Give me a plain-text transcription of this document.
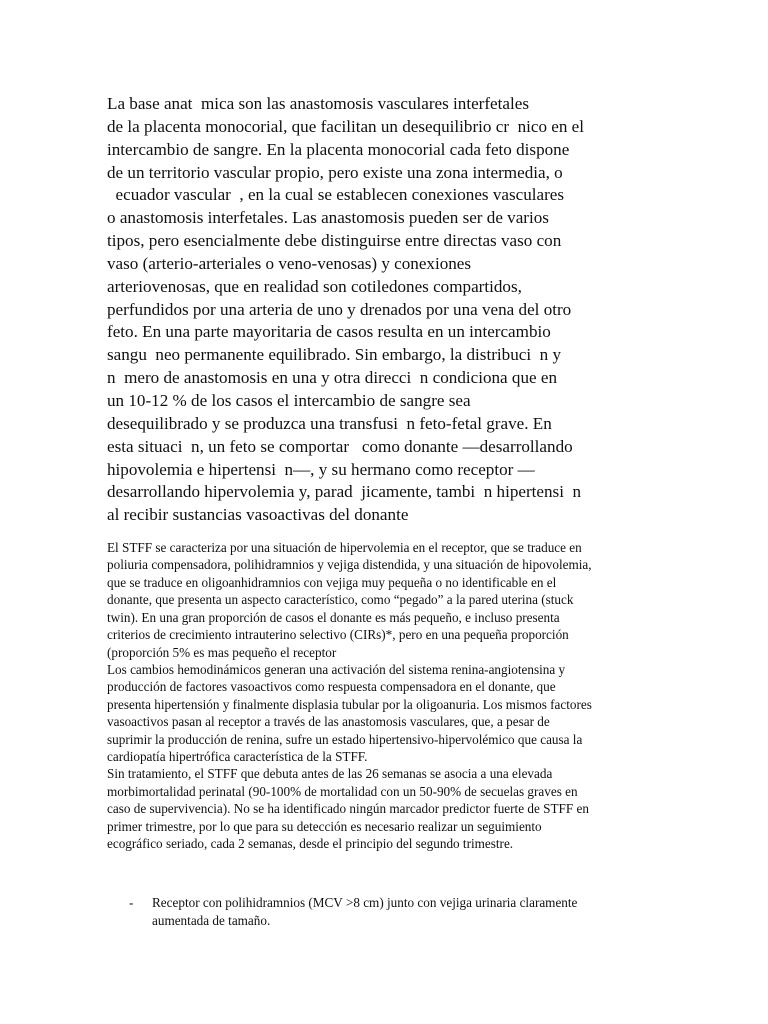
La base anat  mica son las anastomosis vasculares interfetales
de la placenta monocorial, que facilitan un desequilibrio cr  nico en el
intercambio de sangre. En la placenta monocorial cada feto dispone
de un territorio vascular propio, pero existe una zona intermedia, o
ecuador vascular  , en la cual se establecen conexiones vasculares
o anastomosis interfetales. Las anastomosis pueden ser de varios
tipos, pero esencialmente debe distinguirse entre directas vaso con
vaso (arterio-arteriales o veno-venosas) y conexiones
arteriovenosas, que en realidad son cotiledones compartidos,
perfundidos por una arteria de uno y drenados por una vena del otro
feto. En una parte mayoritaria de casos resulta en un intercambio
sangu  neo permanente equilibrado. Sin embargo, la distribuci  n y
n  mero de anastomosis en una y otra direcci  n condiciona que en
un 10-12 % de los casos el intercambio de sangre sea
desequilibrado y se produzca una transfusi  n feto-fetal grave. En
esta situaci  n, un feto se comportar   como donante —desarrollando
hipovolemia e hipertensi  n—, y su hermano como receptor —
desarrollando hipervolemia y, parad  jicamente, tambi  n hipertensi  n
al recibir sustancias vasoactivas del donante
El STFF se caracteriza por una situación de hipervolemia en el receptor, que se traduce en
poliuria compensadora, polihidramnios y vejiga distendida, y una situación de hipovolemia,
que se traduce en oligoanhidramnios con vejiga muy pequeña o no identificable en el
donante, que presenta un aspecto característico, como “pegado” a la pared uterina (stuck
twin). En una gran proporción de casos el donante es más pequeño, e incluso presenta
criterios de crecimiento intrauterino selectivo (CIRs)*, pero en una pequeña proporción
(proporción 5% es mas pequeño el receptor
Los cambios hemodinámicos generan una activación del sistema renina-angiotensina y
producción de factores vasoactivos como respuesta compensadora en el donante, que
presenta hipertensión y finalmente displasia tubular por la oligoanuria. Los mismos factores
vasoactivos pasan al receptor a través de las anastomosis vasculares, que, a pesar de
suprimir la producción de renina, sufre un estado hipertensivo-hipervolémico que causa la
cardiopatía hipertrófica característica de la STFF.
Sin tratamiento, el STFF que debuta antes de las 26 semanas se asocia a una elevada
morbimortalidad perinatal (90-100% de mortalidad con un 50-90% de secuelas graves en
caso de supervivencia). No se ha identificado ningún marcador predictor fuerte de STFF en
primer trimestre, por lo que para su detección es necesario realizar un seguimiento
ecográfico seriado, cada 2 semanas, desde el principio del segundo trimestre.
- Receptor con polihidramnios (MCV >8 cm) junto con vejiga urinaria claramente
aumentada de tamaño.
